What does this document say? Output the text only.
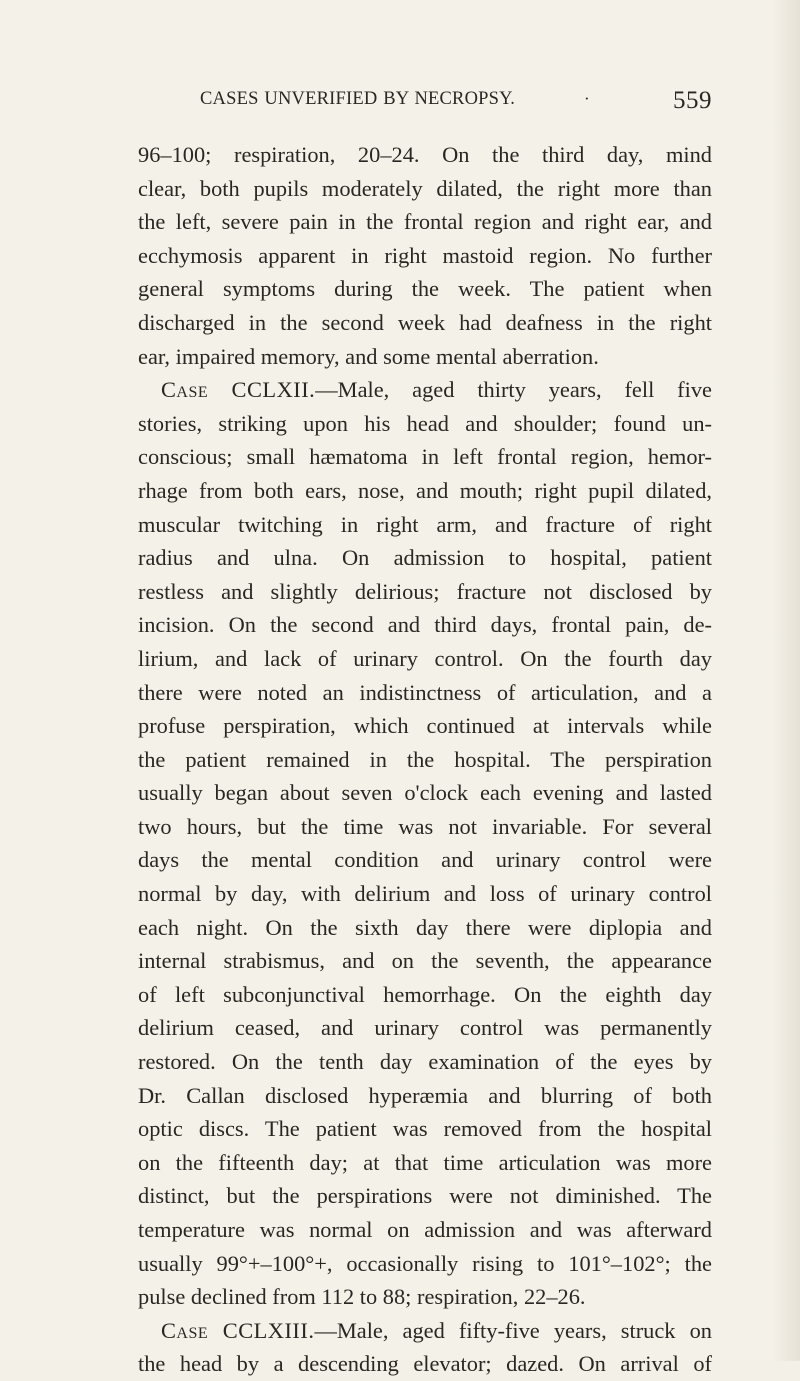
CASES UNVERIFIED BY NECROPSY.	·	559
96–100; respiration, 20–24. On the third day, mind
clear, both pupils moderately dilated, the right more than
the left, severe pain in the frontal region and right ear, and
ecchymosis apparent in right mastoid region. No further
general symptoms during the week. The patient when
discharged in the second week had deafness in the right
ear, impaired memory, and some mental aberration.
Case CCLXII.—Male, aged thirty years, fell five
stories, striking upon his head and shoulder; found un-
conscious; small hæmatoma in left frontal region, hemor-
rhage from both ears, nose, and mouth; right pupil dilated,
muscular twitching in right arm, and fracture of right
radius and ulna. On admission to hospital, patient
restless and slightly delirious; fracture not disclosed by
incision. On the second and third days, frontal pain, de-
lirium, and lack of urinary control. On the fourth day
there were noted an indistinctness of articulation, and a
profuse perspiration, which continued at intervals while
the patient remained in the hospital. The perspiration
usually began about seven o'clock each evening and lasted
two hours, but the time was not invariable. For several
days the mental condition and urinary control were
normal by day, with delirium and loss of urinary control
each night. On the sixth day there were diplopia and
internal strabismus, and on the seventh, the appearance
of left subconjunctival hemorrhage. On the eighth day
delirium ceased, and urinary control was permanently
restored. On the tenth day examination of the eyes by
Dr. Callan disclosed hyperæmia and blurring of both
optic discs. The patient was removed from the hospital
on the fifteenth day; at that time articulation was more
distinct, but the perspirations were not diminished. The
temperature was normal on admission and was afterward
usually 99°+–100°+, occasionally rising to 101°–102°; the
pulse declined from 112 to 88; respiration, 22–26.
Case CCLXIII.—Male, aged fifty-five years, struck on
the head by a descending elevator; dazed. On arrival of
